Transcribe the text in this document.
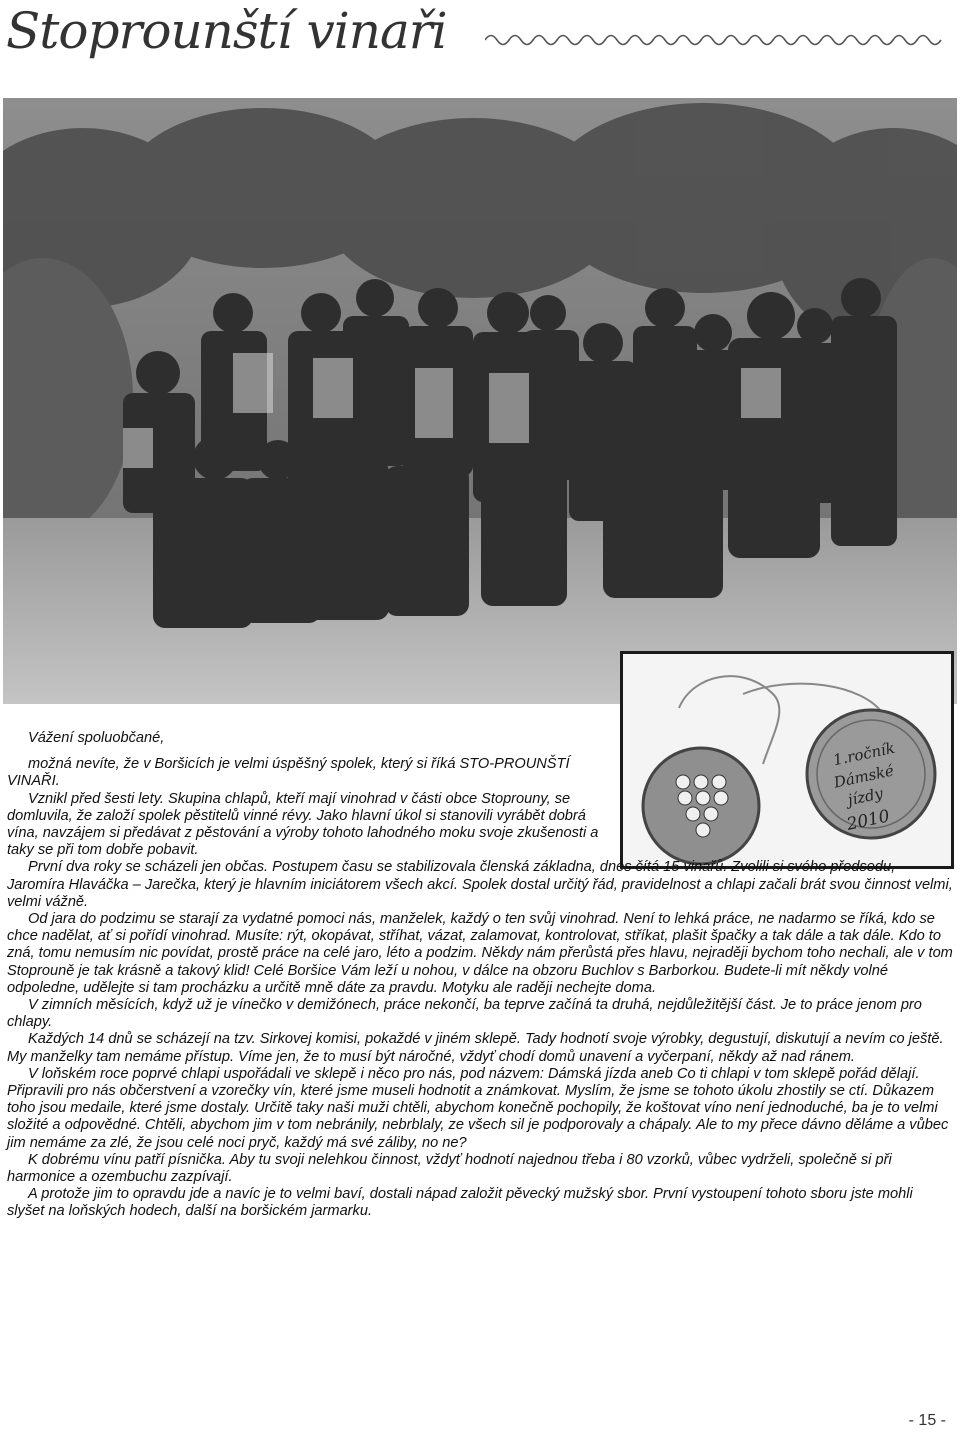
Stoprounští vinaři
1.ročník
Dámské
jízdy
2010

Vážení spoluobčané,

možná nevíte, že v Boršicích je velmi úspěšný spolek, který si říká STO-PROUNŠTÍ VINAŘI.

Vznikl před šesti lety. Skupina chlapů, kteří mají vinohrad v části obce Stoprouny, se domluvila, že založí spolek pěstitelů vinné révy. Jako hlavní úkol si stanovili vyrábět dobrá vína, navzájem si předávat z pěstování a výroby tohoto lahodného moku svoje zkušenosti a taky se při tom dobře pobavit.

První dva roky se scházeli jen občas. Postupem času se stabilizovala členská základna, dnes čítá 15 vinařů. Zvolili si svého předsedu, Jaromíra Hlaváčka – Jarečka, který je hlavním iniciátorem všech akcí. Spolek dostal určitý řád, pravidelnost a chlapi začali brát svou činnost velmi, velmi vážně.

Od jara do podzimu se starají za vydatné pomoci nás, manželek, každý o ten svůj vinohrad. Není to lehká práce, ne nadarmo se říká, kdo se chce nadělat, ať si pořídí vinohrad. Musíte: rýt, okopávat, stříhat, vázat, zalamovat, kontrolovat, stříkat, plašit špačky a tak dále a tak dále. Kdo to zná, tomu nemusím nic povídat, prostě práce na celé jaro, léto a podzim. Někdy nám přerůstá přes hlavu, nejraději bychom toho nechali, ale v tom Stoprouně je tak krásně a takový klid! Celé Boršice Vám leží u nohou, v dálce na obzoru Buchlov s Barborkou. Budete-li mít někdy volné odpoledne, udělejte si tam procházku a určitě mně dáte za pravdu. Motyku ale raději nechejte doma.

V zimních měsících, když už je vínečko v demižónech, práce nekončí, ba teprve začíná ta druhá, nejdůležitější část. Je to práce jenom pro chlapy.

Každých 14 dnů se scházejí na tzv. Sirkovej komisi, pokaždé v jiném sklepě. Tady hodnotí svoje výrobky, degustují, diskutují a nevím co ještě. My manželky tam nemáme přístup. Víme jen, že to musí být náročné, vždyť chodí domů unavení a vyčerpaní, někdy až nad ránem.

V loňském roce poprvé chlapi uspořádali ve sklepě i něco pro nás, pod názvem: Dámská jízda aneb Co ti chlapi v tom sklepě pořád dělají. Připravili pro nás občerstvení a vzorečky vín, které jsme museli hodnotit a známkovat. Myslím, že jsme se tohoto úkolu zhostily se ctí. Důkazem toho jsou medaile, které jsme dostaly. Určitě taky naši muži chtěli, abychom konečně pochopily, že koštovat víno není jednoduché, ba je to velmi složité a odpovědné. Chtěli, abychom jim v tom nebránily, nebrblaly, ze všech sil je podporovaly a chápaly. Ale to my přece dávno děláme a vůbec jim nemáme za zlé, že jsou celé noci pryč, každý má své záliby, no ne?

K dobrému vínu patří písnička. Aby tu svoji nelehkou činnost, vždyť hodnotí najednou třeba i 80 vzorků, vůbec vydrželi, společně si při harmonice a ozembuchu zazpívají.

A protože jim to opravdu jde a navíc je to velmi baví, dostali nápad založit pěvecký mužský sbor. První vystoupení tohoto sboru jste mohli slyšet na loňských hodech, další na boršickém jarmarku.

- 15 -
